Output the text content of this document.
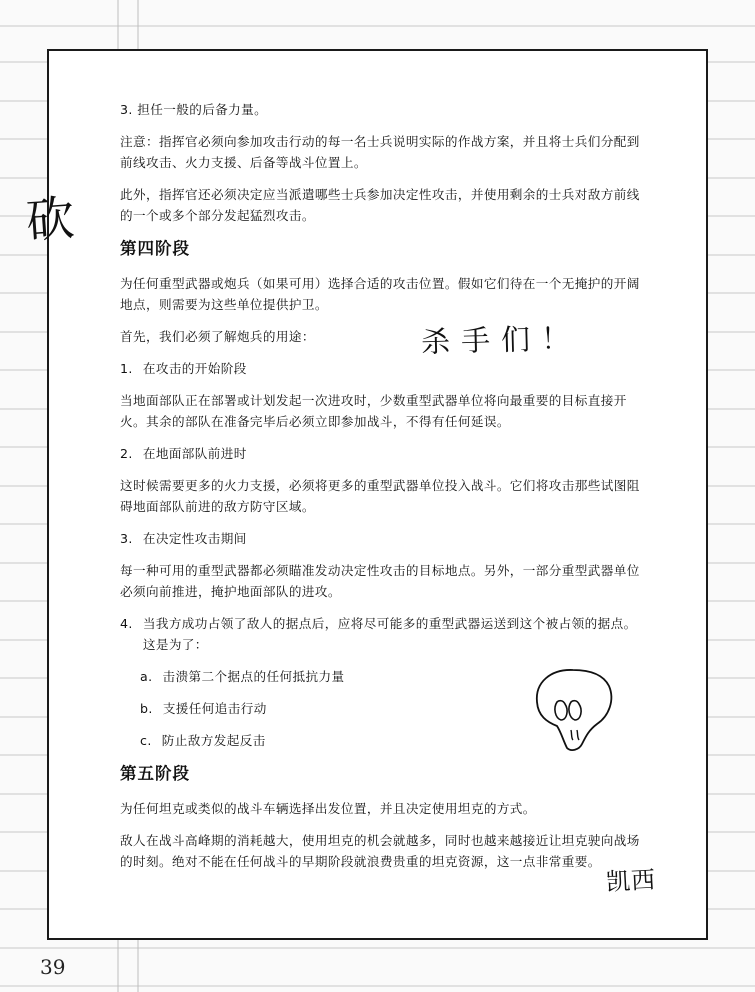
3. 担任一般的后备力量。

注意：指挥官必须向参加攻击行动的每一名士兵说明实际的作战方案，并且将士兵们分配到前线攻击、火力支援、后备等战斗位置上。

此外，指挥官还必须决定应当派遣哪些士兵参加决定性攻击，并使用剩余的士兵对敌方前线的一个或多个部分发起猛烈攻击。

第四阶段

为任何重型武器或炮兵（如果可用）选择合适的攻击位置。假如它们待在一个无掩护的开阔地点，则需要为这些单位提供护卫。

首先，我们必须了解炮兵的用途：

1. 在攻击的开始阶段

当地面部队正在部署或计划发起一次进攻时，少数重型武器单位将向最重要的目标直接开火。其余的部队在准备完毕后必须立即参加战斗，不得有任何延误。

2. 在地面部队前进时

这时候需要更多的火力支援，必须将更多的重型武器单位投入战斗。它们将攻击那些试图阻碍地面部队前进的敌方防守区域。

3. 在决定性攻击期间

每一种可用的重型武器都必须瞄准发动决定性攻击的目标地点。另外，一部分重型武器单位必须向前推进，掩护地面部队的进攻。

4. 当我方成功占领了敌人的据点后，应将尽可能多的重型武器运送到这个被占领的据点。这是为了：

a. 击溃第二个据点的任何抵抗力量

b. 支援任何追击行动

c. 防止敌方发起反击

第五阶段

为任何坦克或类似的战斗车辆选择出发位置，并且决定使用坦克的方式。

敌人在战斗高峰期的消耗越大，使用坦克的机会就越多，同时也越来越接近让坦克驶向战场的时刻。绝对不能在任何战斗的早期阶段就浪费贵重的坦克资源，这一点非常重要。

砍
杀手们！
凯西
39
